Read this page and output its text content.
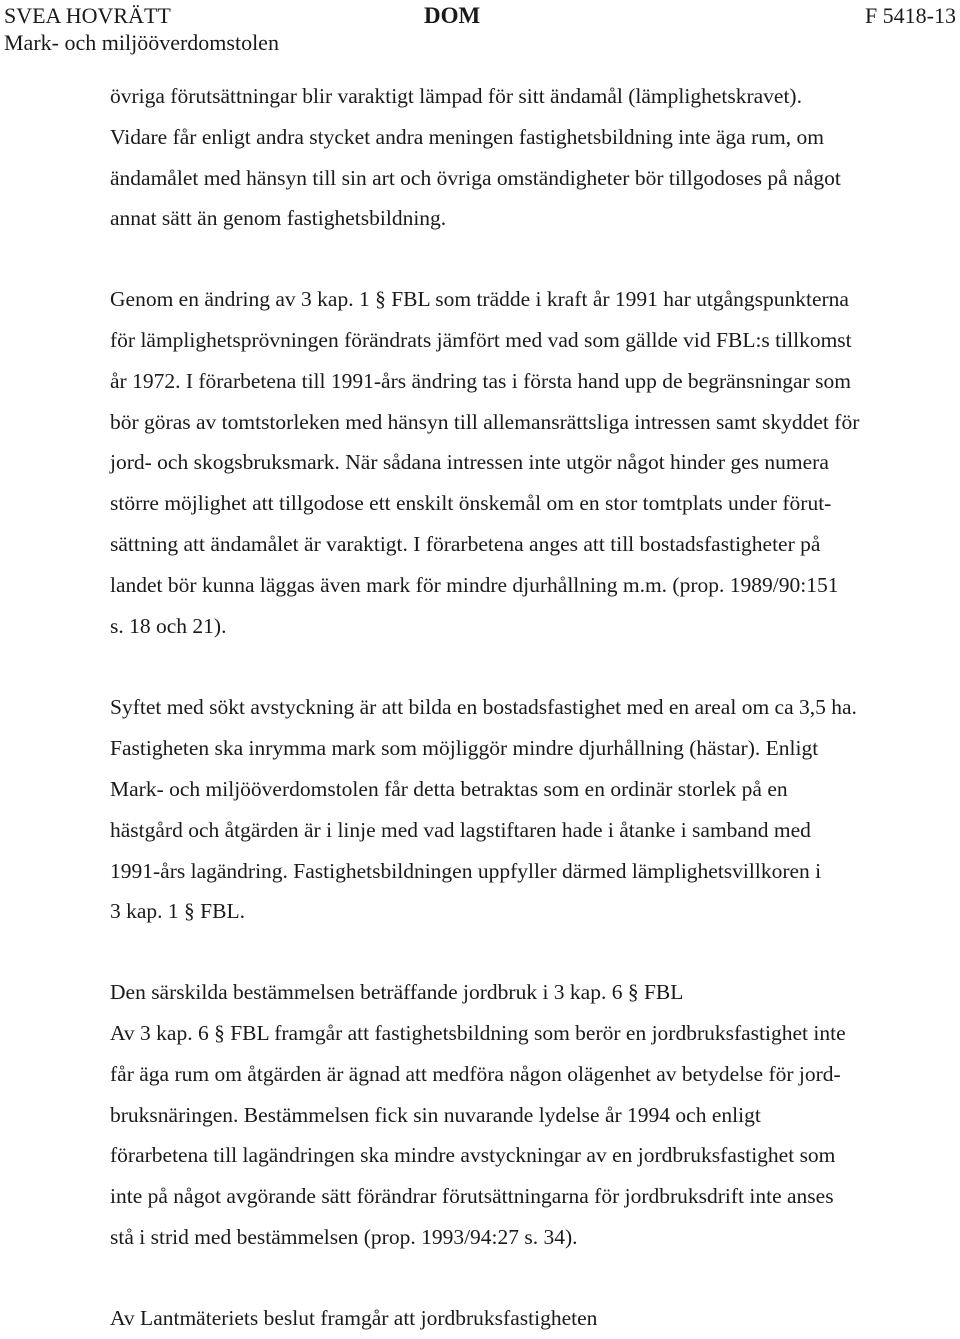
SVEA HOVRÄTT
Mark- och miljööverdomstolen
DOM	F 5418-13
övriga förutsättningar blir varaktigt lämpad för sitt ändamål (lämplighetskravet).
Vidare får enligt andra stycket andra meningen fastighetsbildning inte äga rum, om
ändamålet med hänsyn till sin art och övriga omständigheter bör tillgodoses på något
annat sätt än genom fastighetsbildning.
Genom en ändring av 3 kap. 1 § FBL som trädde i kraft år 1991 har utgångspunkterna
för lämplighetsprövningen förändrats jämfört med vad som gällde vid FBL:s tillkomst
år 1972. I förarbetena till 1991-års ändring tas i första hand upp de begränsningar som
bör göras av tomtstorleken med hänsyn till allemansrättsliga intressen samt skyddet för
jord- och skogsbruksmark. När sådana intressen inte utgör något hinder ges numera
större möjlighet att tillgodose ett enskilt önskemål om en stor tomtplats under förut-
sättning att ändamålet är varaktigt. I förarbetena anges att till bostadsfastigheter på
landet bör kunna läggas även mark för mindre djurhållning m.m. (prop. 1989/90:151
s. 18 och 21).
Syftet med sökt avstyckning är att bilda en bostadsfastighet med en areal om ca 3,5 ha.
Fastigheten ska inrymma mark som möjliggör mindre djurhållning (hästar). Enligt
Mark- och miljööverdomstolen får detta betraktas som en ordinär storlek på en
hästgård och åtgärden är i linje med vad lagstiftaren hade i åtanke i samband med
1991-års lagändring. Fastighetsbildningen uppfyller därmed lämplighetsvillkoren i
3 kap. 1 § FBL.
Den särskilda bestämmelsen beträffande jordbruk i 3 kap. 6 § FBL
Av 3 kap. 6 § FBL framgår att fastighetsbildning som berör en jordbruksfastighet inte
får äga rum om åtgärden är ägnad att medföra någon olägenhet av betydelse för jord-
bruksnäringen. Bestämmelsen fick sin nuvarande lydelse år 1994 och enligt
förarbetena till lagändringen ska mindre avstyckningar av en jordbruksfastighet som
inte på något avgörande sätt förändrar förutsättningarna för jordbruksdrift inte anses
stå i strid med bestämmelsen (prop. 1993/94:27 s. 34).
Av Lantmäteriets beslut framgår att jordbruksfastigheten
